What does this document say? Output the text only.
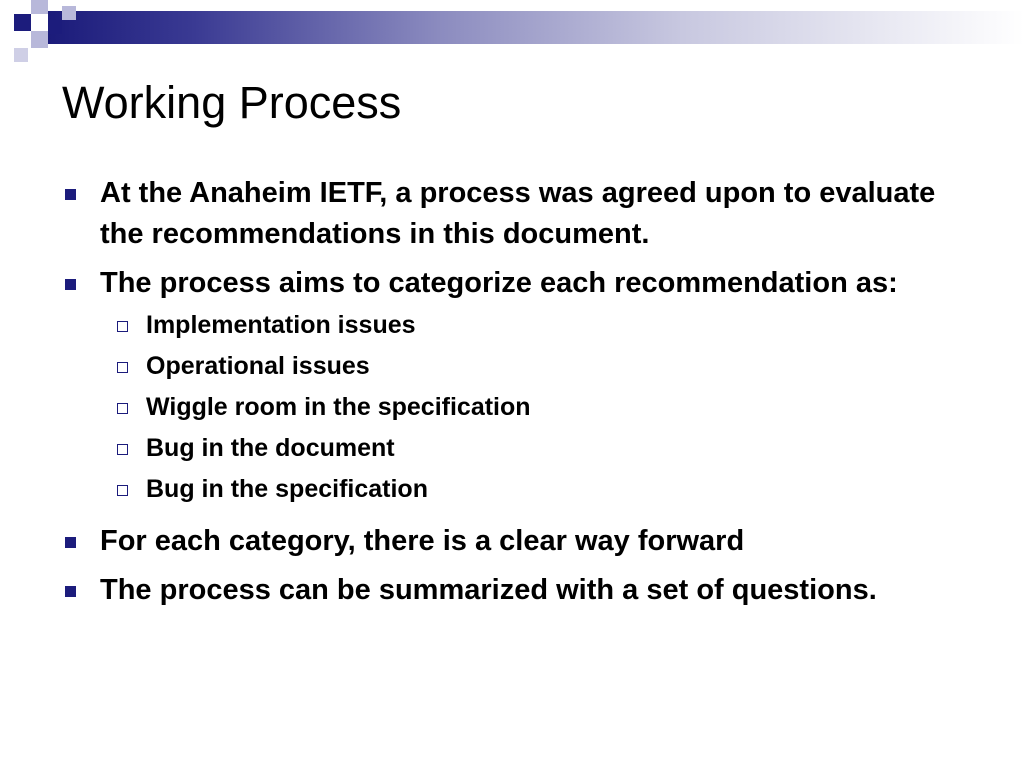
Working Process
At the Anaheim IETF, a process was agreed upon to evaluate the recommendations in this document.
The process aims to categorize each recommendation as:
Implementation issues
Operational issues
Wiggle room in the specification
Bug in the document
Bug in the specification
For each category, there is a clear way forward
The process can be summarized with a set of questions.
